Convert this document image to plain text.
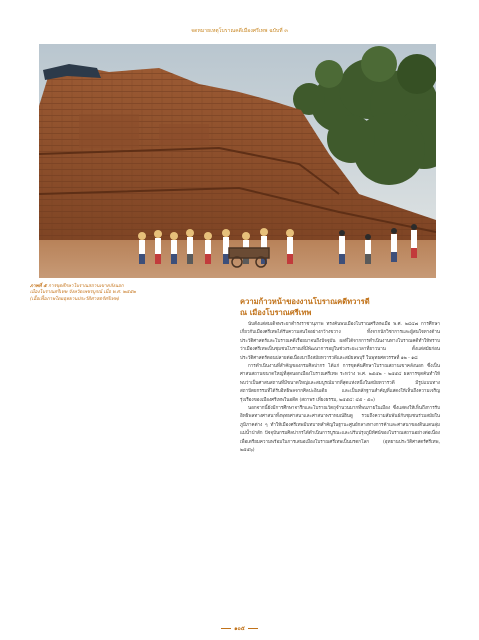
จดหมายเหตุโบราณคดีเมืองศรีเทพ ฉบับที่ ๓
ภาพที่ ๕ การขุดศึกษาโบราณสถานเขาคลังนอก
เมืองโบราณศรีเทพ จังหวัดเพชรบูรณ์ เมื่อ พ.ศ. ๒๕๕๒
(เอื้อเฟื้อภาพโดยอุทยานประวัติศาสตร์ศรีเทพ)	ความก้าวหน้าของงานโบราณคดีทวารดี
ณ เมืองโบราณศรีเทพ

นับตั้งแต่สมเด็จพระยาดำรงราชานุภาพ ทรงค้นพบเมืองโบราณศรีเทพเมื่อ พ.ศ. ๒๔๔๗ การศึกษาเกี่ยวกับเมืองศรีเทพได้รับความสนใจอย่างกว้างขวาง ทั้งจากนักวิชาการและผู้สนใจทางด้านประวัติศาสตร์และโบราณคดีเรื่อยมาจนถึงปัจจุบัน ผลที่ได้จากการดำเนินงานทางโบราณคดีทำให้ทราบว่าเมืองศรีเทพเป็นชุมชนโบราณที่มีพัฒนาการอยู่ในช่วงระยะเวลาที่ยาวนาน ตั้งแต่สมัยก่อนประวัติศาสตร์ตอนปลายต่อเนื่องมาถึงสมัยทวารวดีและสมัยลพบุรี ในพุทธศตวรรษที่ ๑๒ - ๑๘

การดำเนินงานที่สำคัญของกรมศิลปากร ได้แก่ การขุดค้นศึกษาโบราณสถานเขาคลังนอก ซึ่งเป็นศาสนสถานขนาดใหญ่ที่สุดนอกเมืองโบราณศรีเทพ ระหว่าง พ.ศ. ๒๕๕๒ - ๒๕๕๔ ผลการขุดค้นทำให้พบว่าเป็นศาสนสถานที่มีขนาดใหญ่และสมบูรณ์มากที่สุดแห่งหนึ่งในสมัยทวารวดี มีรูปแบบทางสถาปัตยกรรมที่ได้รับอิทธิพลจากศิลปะอินเดีย และเป็นหลักฐานสำคัญที่แสดงให้เห็นถึงความเจริญรุ่งเรืองของเมืองศรีเทพในอดีต (สถาพร เที่ยงธรรม, ๒๕๕๔: ๔๕ - ๕๐)

นอกจากนี้ยังมีการศึกษาจารึกและโบราณวัตถุจำนวนมากที่พบภายในเมือง ซึ่งแสดงให้เห็นถึงการรับอิทธิพลทางศาสนาทั้งพุทธศาสนาและศาสนาพราหมณ์ฮินดู รวมถึงความสัมพันธ์กับชุมชนร่วมสมัยในภูมิภาคต่าง ๆ ทำให้เมืองศรีเทพมีบทบาทสำคัญในฐานะศูนย์กลางทางการค้าและศาสนาของดินแดนลุ่มแม่น้ำป่าสัก ปัจจุบันกรมศิลปากรได้ดำเนินการบูรณะและปรับปรุงภูมิทัศน์ของโบราณสถานอย่างต่อเนื่อง เพื่อเตรียมความพร้อมในการเสนอเมืองโบราณศรีเทพเป็นมรดกโลก (อุทยานประวัติศาสตร์ศรีเทพ, ๒๕๕๖)

๑๐๕
